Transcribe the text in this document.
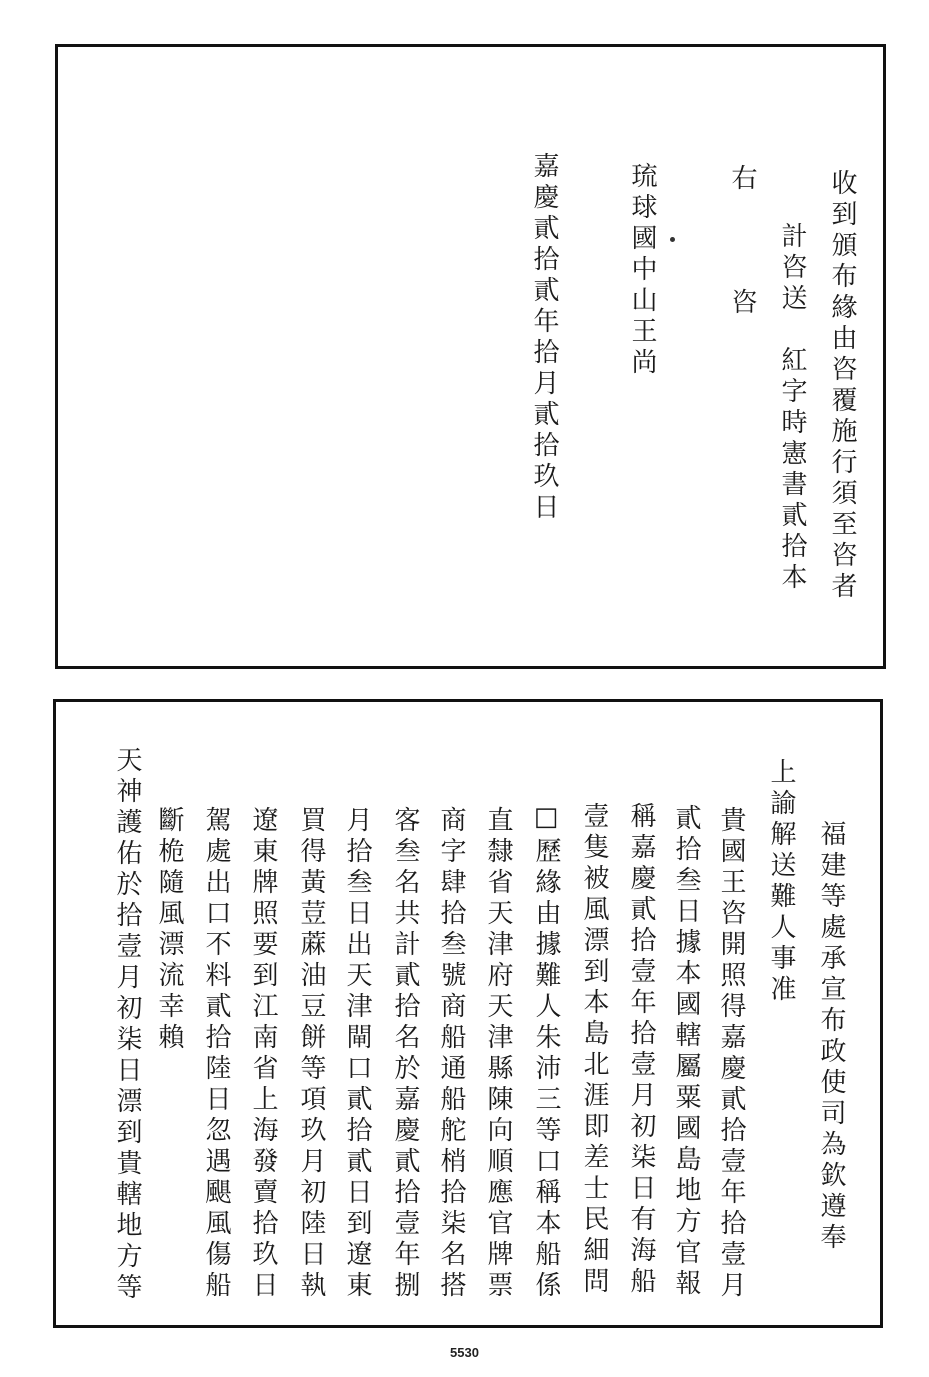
收到頒布緣由咨覆施行須至咨者
計咨送　紅字時憲書貳拾本
右　　　咨
琉球國中山王尚
嘉慶貳拾貳年拾月貳拾玖日
福建等處承宣布政使司為欽遵奉
上諭解送難人事准
貴國王咨開照得嘉慶貳拾壹年拾壹月
貳拾叁日據本國轄屬粟國島地方官報
稱嘉慶貳拾壹年拾壹月初柒日有海船
壹隻被風漂到本島北涯即差士民細問
□歷緣由據難人朱沛三等口稱本船係
直隸省天津府天津縣陳向順應官牌票
商字肆拾叁號商船通船舵梢拾柒名搭
客叁名共計貳拾名於嘉慶貳拾壹年捌
月拾叁日出天津閘口貳拾貳日到遼東
買得黃荳蔴油豆餅等項玖月初陸日執
遼東牌照要到江南省上海發賣拾玖日
駕處出口不料貳拾陸日忽遇颶風傷船
斷桅隨風漂流幸賴
天神護佑於拾壹月初柒日漂到貴轄地方等
5530
